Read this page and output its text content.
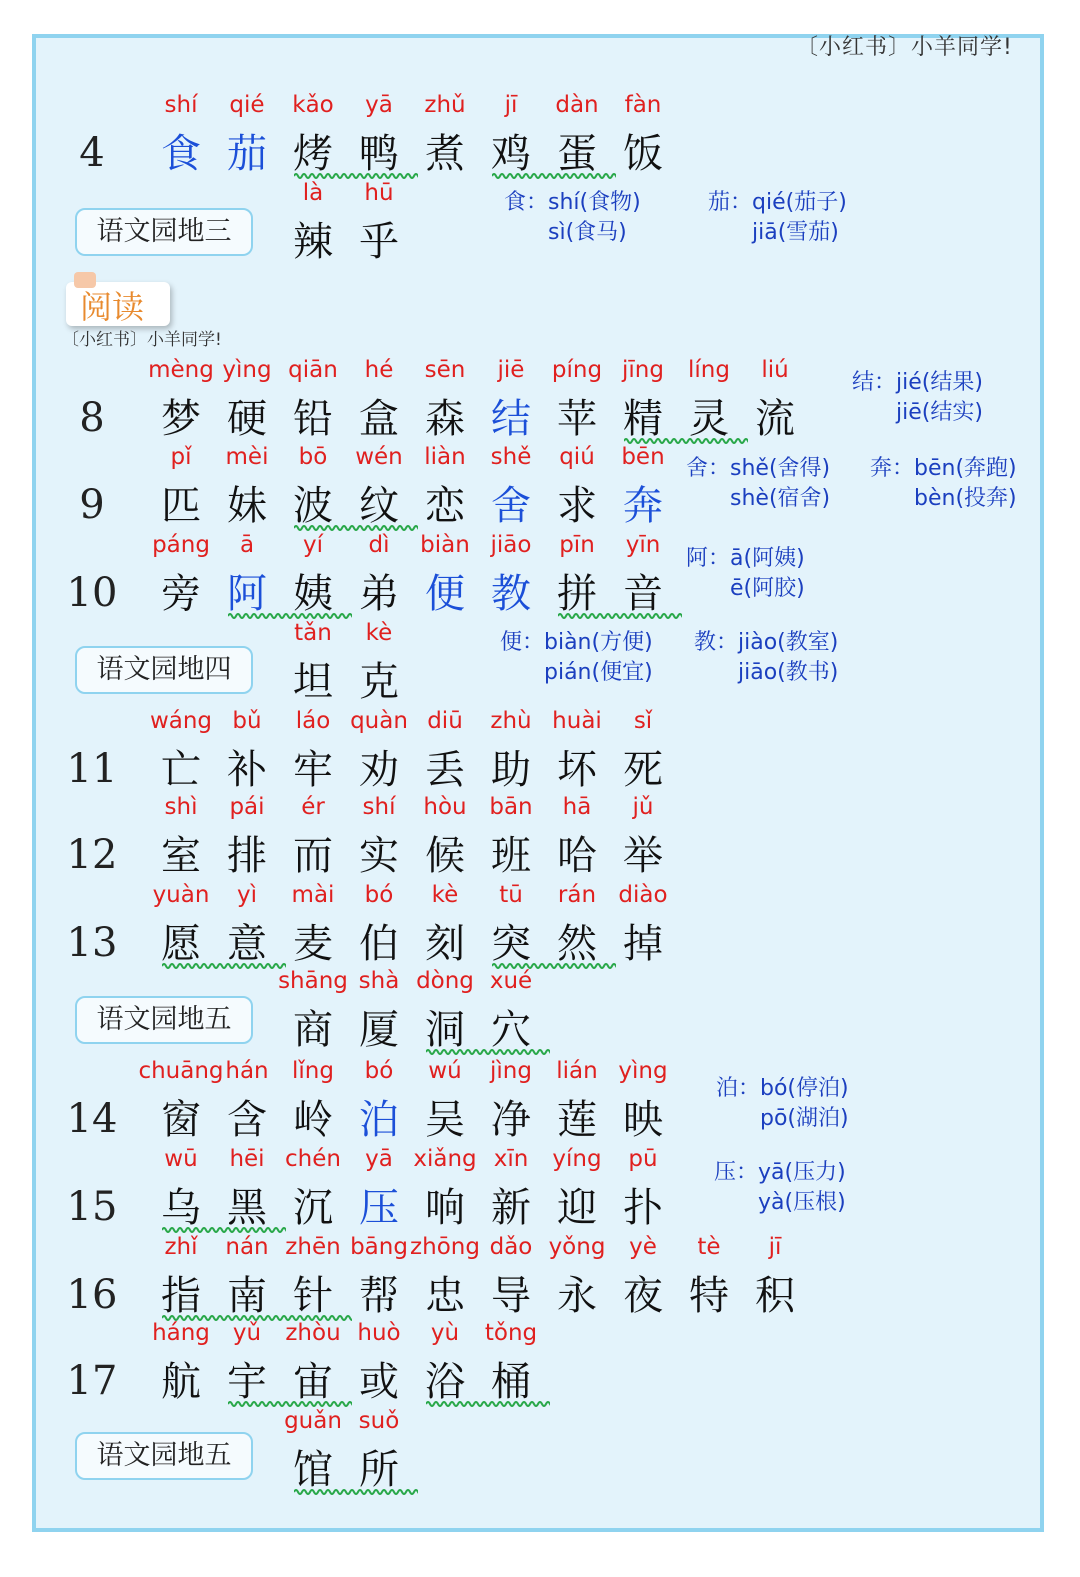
〔小红书〕小羊同学!
阅读
〔小红书〕小羊同学!
4
shí
食
qié
茄
kǎo
烤
yā
鸭
zhǔ
煮
jī
鸡
dàn
蛋
fàn
饭
là
辣
hū
乎
8
mèng
梦
yìng
硬
qiān
铅
hé
盒
sēn
森
jiē
结
píng
苹
jīng
精
líng
灵
liú
流
9
pǐ
匹
mèi
妹
bō
波
wén
纹
liàn
恋
shě
舍
qiú
求
bēn
奔
10
páng
旁
ā
阿
yí
姨
dì
弟
biàn
便
jiāo
教
pīn
拼
yīn
音
tǎn
坦
kè
克
11
wáng
亡
bǔ
补
láo
牢
quàn
劝
diū
丢
zhù
助
huài
坏
sǐ
死
12
shì
室
pái
排
ér
而
shí
实
hòu
候
bān
班
hā
哈
jǔ
举
13
yuàn
愿
yì
意
mài
麦
bó
伯
kè
刻
tū
突
rán
然
diào
掉
shāng
商
shà
厦
dòng
洞
xué
穴
14
chuāng
窗
hán
含
lǐng
岭
bó
泊
wú
吴
jìng
净
lián
莲
yìng
映
15
wū
乌
hēi
黑
chén
沉
yā
压
xiǎng
响
xīn
新
yíng
迎
pū
扑
16
zhǐ
指
nán
南
zhēn
针
bāng
帮
zhōng
忠
dǎo
导
yǒng
永
yè
夜
tè
特
jī
积
17
háng
航
yǔ
宇
zhòu
宙
huò
或
yù
浴
tǒng
桶
guǎn
馆
suǒ
所
语文园地三
语文园地四
语文园地五
语文园地五
食：shí(食物)
　　sì(食马)
茄：qié(茄子)
　　jiā(雪茄)
结：jié(结果)
　　jiē(结实)
舍：shě(舍得)
　　shè(宿舍)
奔：bēn(奔跑)
　　bèn(投奔)
阿：ā(阿姨)
　　ē(阿胶)
便：biàn(方便)
　　pián(便宜)
教：jiào(教室)
　　jiāo(教书)
泊：bó(停泊)
　　pō(湖泊)
压：yā(压力)
　　yà(压根)
